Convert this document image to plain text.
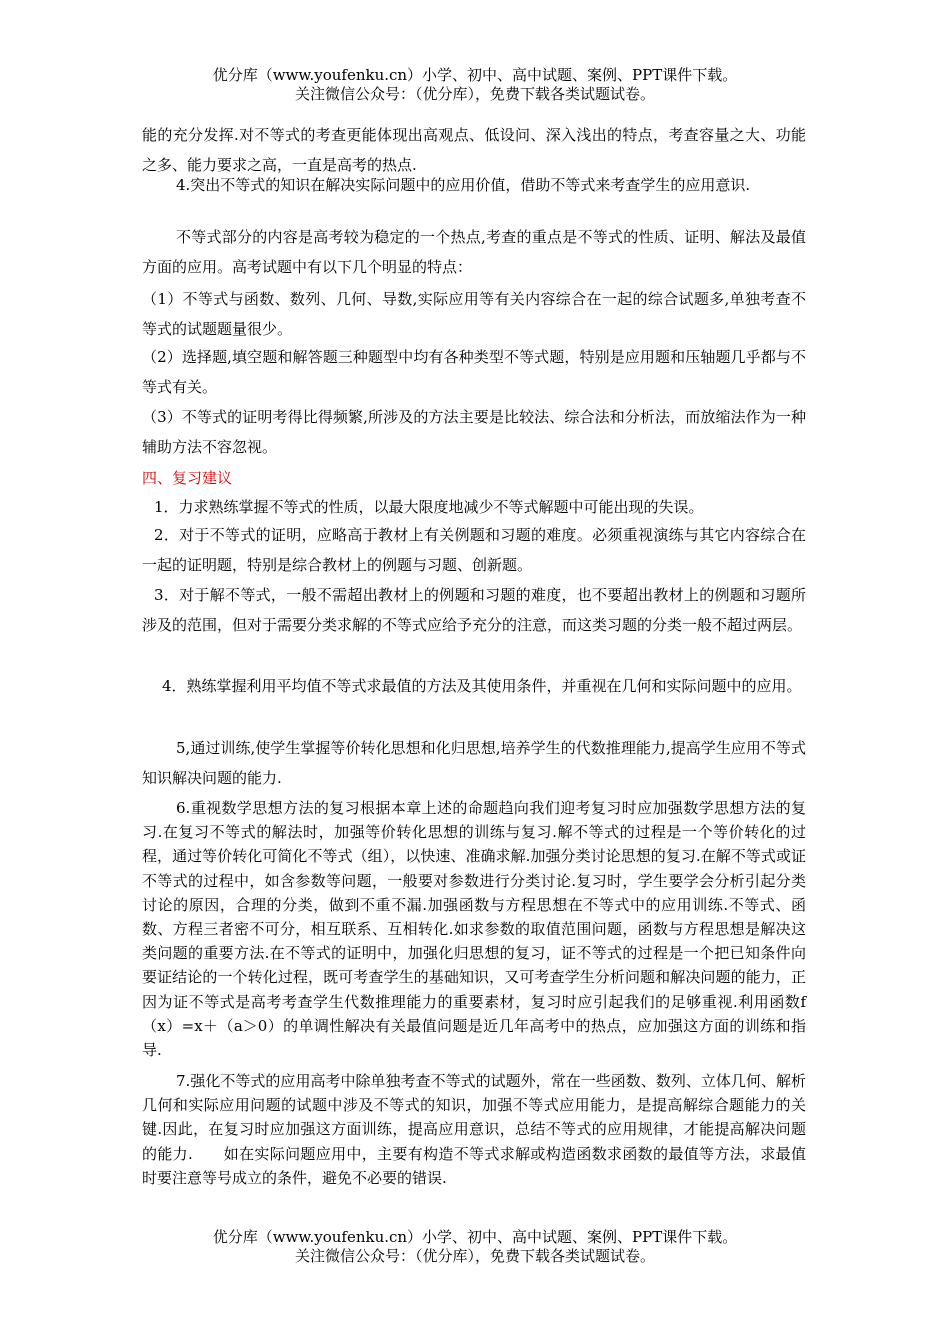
优分库（www.youfenku.cn）小学、初中、高中试题、案例、PPT课件下载。
关注微信公众号：（优分库），免费下载各类试题试卷。

能的充分发挥.对不等式的考查更能体现出高观点、低设问、深入浅出的特点，考查容量之大、功能之多、能力要求之高，一直是高考的热点.

4.突出不等式的知识在解决实际问题中的应用价值，借助不等式来考查学生的应用意识.

不等式部分的内容是高考较为稳定的一个热点,考查的重点是不等式的性质、证明、解法及最值方面的应用。高考试题中有以下几个明显的特点：

（1）不等式与函数、数列、几何、导数,实际应用等有关内容综合在一起的综合试题多,单独考查不等式的试题题量很少。

（2）选择题,填空题和解答题三种题型中均有各种类型不等式题，特别是应用题和压轴题几乎都与不等式有关。

（3）不等式的证明考得比得频繁,所涉及的方法主要是比较法、综合法和分析法，而放缩法作为一种辅助方法不容忽视。

四、复习建议

1．力求熟练掌握不等式的性质，以最大限度地减少不等式解题中可能出现的失误。

2．对于不等式的证明，应略高于教材上有关例题和习题的难度。必须重视演练与其它内容综合在一起的证明题，特别是综合教材上的例题与习题、创新题。

3．对于解不等式，一般不需超出教材上的例题和习题的难度，也不要超出教材上的例题和习题所涉及的范围，但对于需要分类求解的不等式应给予充分的注意，而这类习题的分类一般不超过两层。

4．熟练掌握利用平均值不等式求最值的方法及其使用条件，并重视在几何和实际问题中的应用。

5,通过训练,使学生掌握等价转化思想和化归思想,培养学生的代数推理能力,提高学生应用不等式知识解决问题的能力.

6.重视数学思想方法的复习根据本章上述的命题趋向我们迎考复习时应加强数学思想方法的复习.在复习不等式的解法时，加强等价转化思想的训练与复习.解不等式的过程是一个等价转化的过程，通过等价转化可简化不等式（组），以快速、准确求解.加强分类讨论思想的复习.在解不等式或证不等式的过程中，如含参数等问题，一般要对参数进行分类讨论.复习时，学生要学会分析引起分类讨论的原因，合理的分类，做到不重不漏.加强函数与方程思想在不等式中的应用训练.不等式、函数、方程三者密不可分，相互联系、互相转化.如求参数的取值范围问题，函数与方程思想是解决这类问题的重要方法.在不等式的证明中，加强化归思想的复习，证不等式的过程是一个把已知条件向要证结论的一个转化过程，既可考查学生的基础知识，又可考查学生分析问题和解决问题的能力，正因为证不等式是高考考查学生代数推理能力的重要素材，复习时应引起我们的足够重视.利用函数f（x）=x＋（a＞0）的单调性解决有关最值问题是近几年高考中的热点，应加强这方面的训练和指导.

7.强化不等式的应用高考中除单独考查不等式的试题外，常在一些函数、数列、立体几何、解析几何和实际应用问题的试题中涉及不等式的知识，加强不等式应用能力，是提高解综合题能力的关键.因此，在复习时应加强这方面训练，提高应用意识，总结不等式的应用规律，才能提高解决问题的能力.　　如在实际问题应用中，主要有构造不等式求解或构造函数求函数的最值等方法，求最值时要注意等号成立的条件，避免不必要的错误.

优分库（www.youfenku.cn）小学、初中、高中试题、案例、PPT课件下载。
关注微信公众号：（优分库），免费下载各类试题试卷。
